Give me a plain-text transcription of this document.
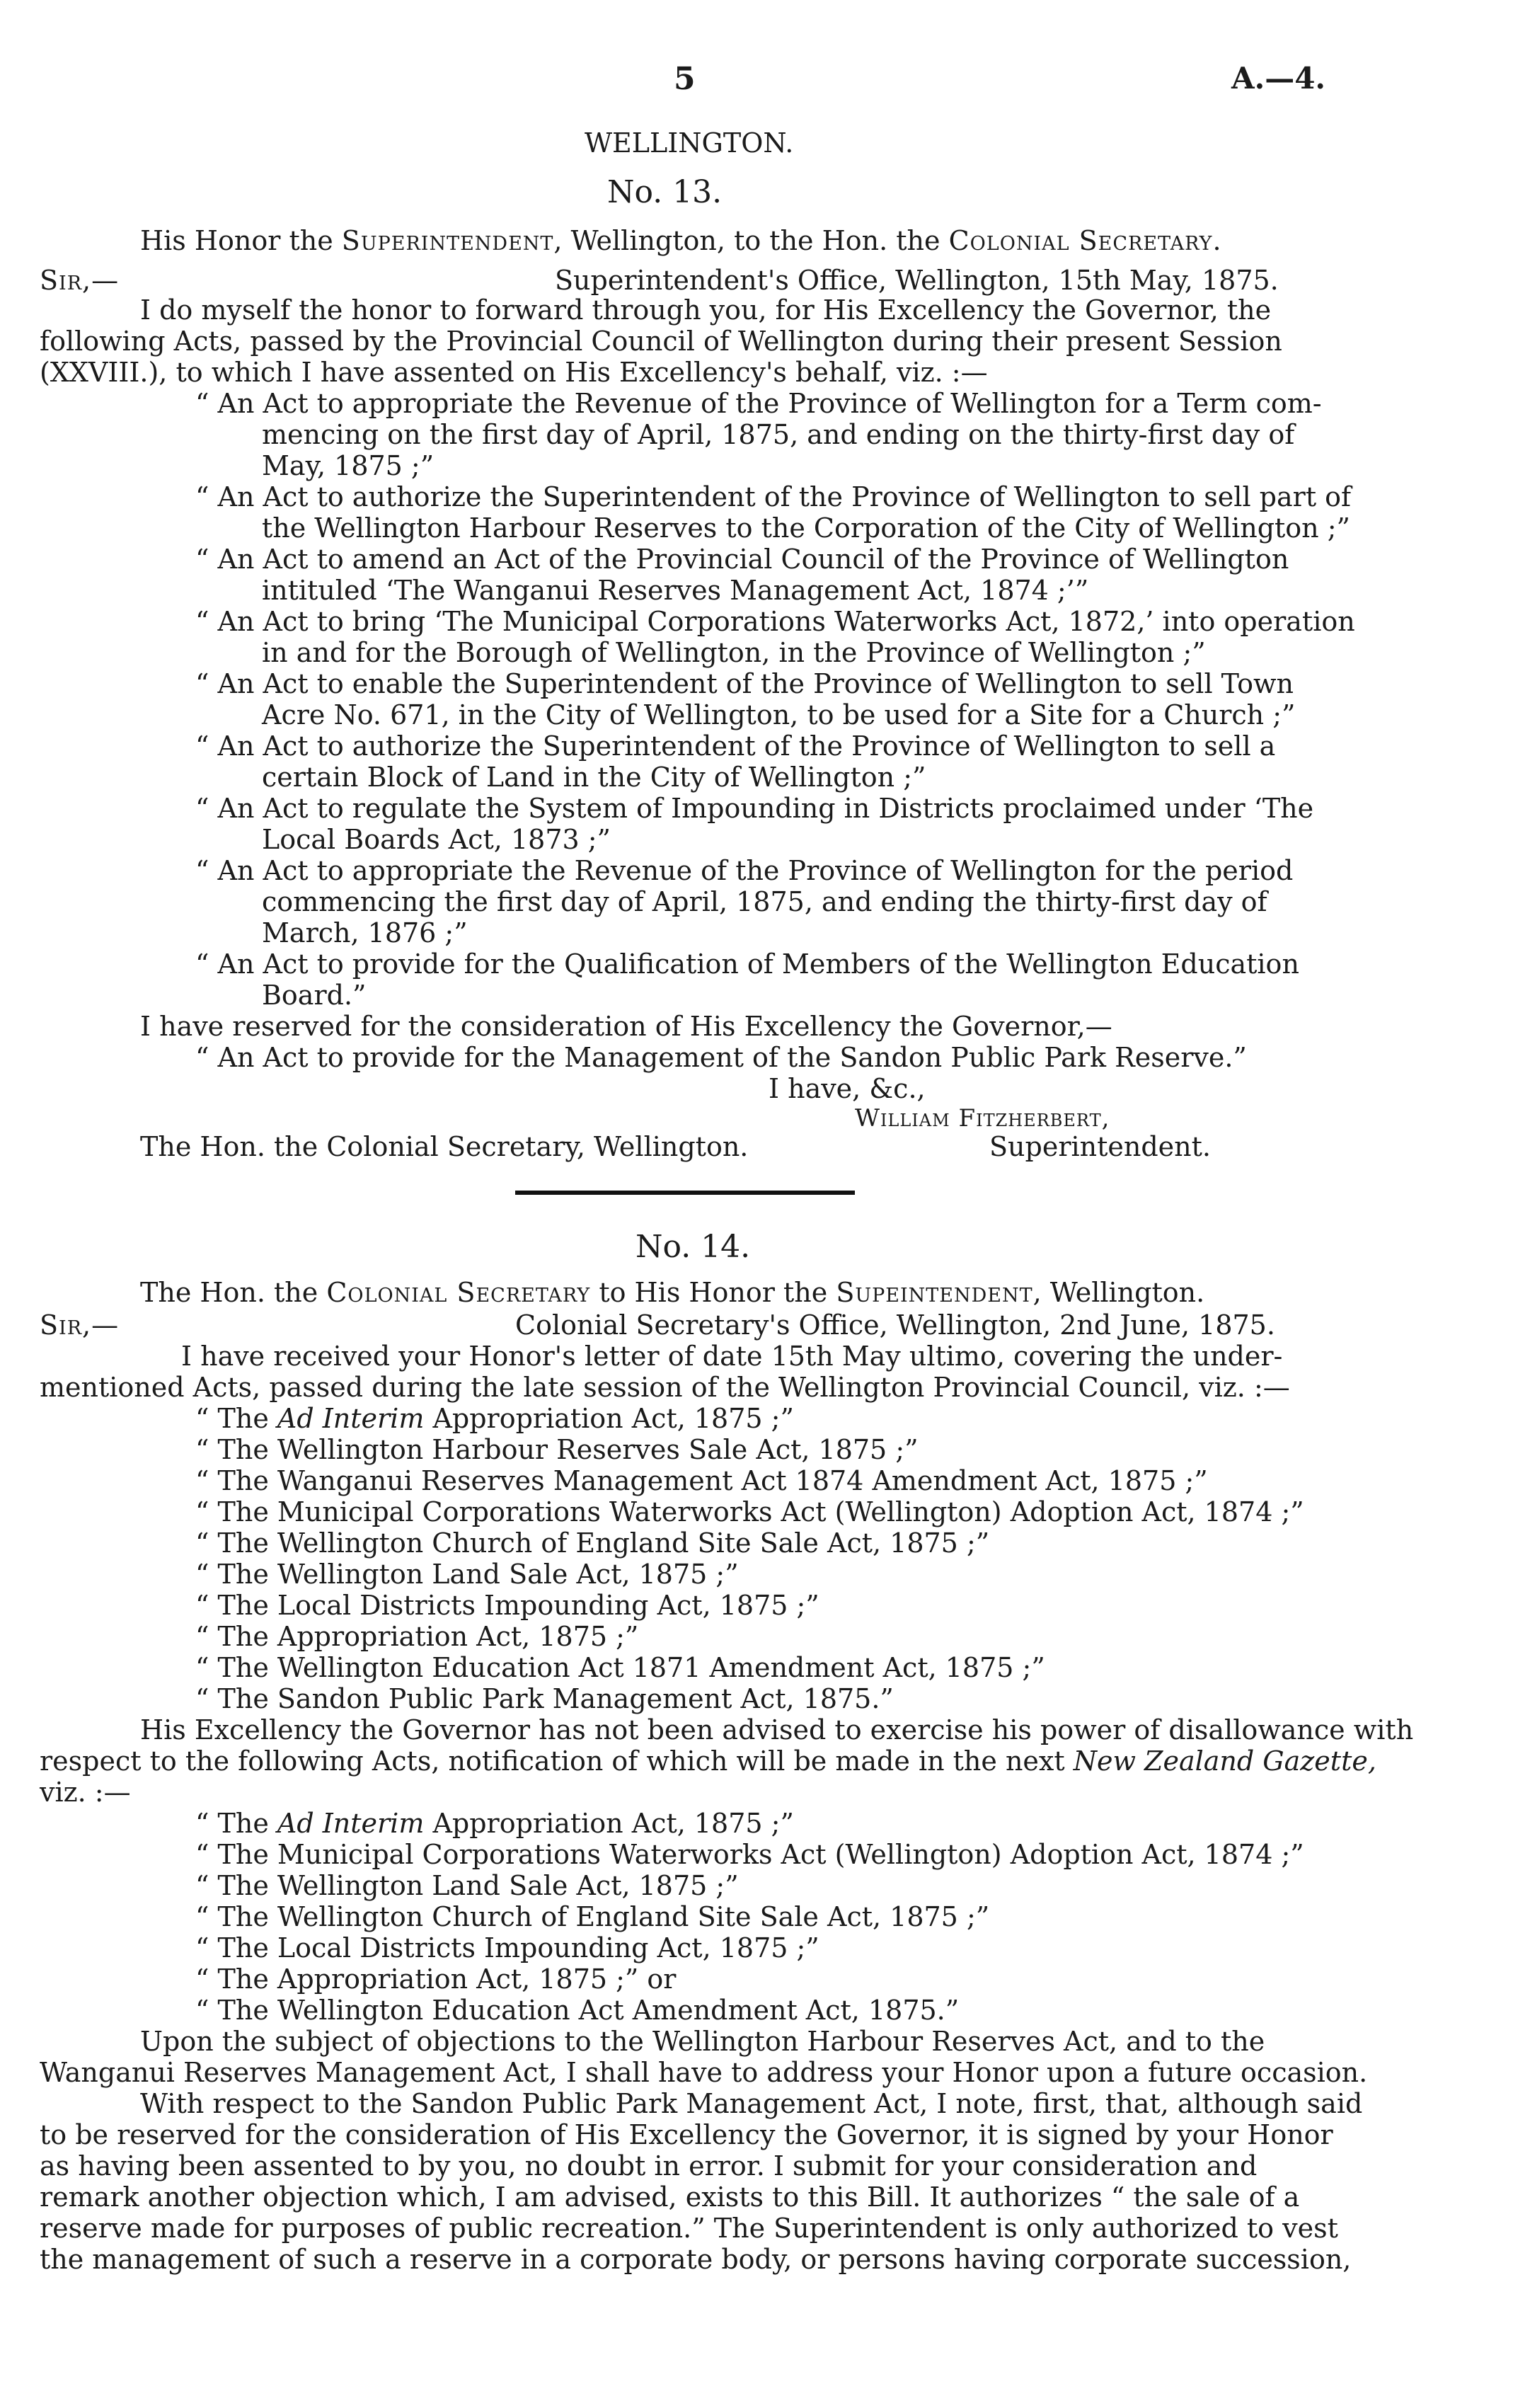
5	A.—4.
WELLINGTON.
No. 13.
His Honor the Superintendent, Wellington, to the Hon. the Colonial Secretary.
Sir,—	Superintendent's Office, Wellington, 15th May, 1875.
I do myself the honor to forward through you, for His Excellency the Governor, the
following Acts, passed by the Provincial Council of Wellington during their present Session
(XXVIII.), to which I have assented on His Excellency's behalf, viz. :—
“ An Act to appropriate the Revenue of the Province of Wellington for a Term com-
mencing on the first day of April, 1875, and ending on the thirty-first day of
May, 1875 ;”
“ An Act to authorize the Superintendent of the Province of Wellington to sell part of
the Wellington Harbour Reserves to the Corporation of the City of Wellington ;”
“ An Act to amend an Act of the Provincial Council of the Province of Wellington
intituled ‘The Wanganui Reserves Management Act, 1874 ;’”
“ An Act to bring ‘The Municipal Corporations Waterworks Act, 1872,’ into operation
in and for the Borough of Wellington, in the Province of Wellington ;”
“ An Act to enable the Superintendent of the Province of Wellington to sell Town
Acre No. 671, in the City of Wellington, to be used for a Site for a Church ;”
“ An Act to authorize the Superintendent of the Province of Wellington to sell a
certain Block of Land in the City of Wellington ;”
“ An Act to regulate the System of Impounding in Districts proclaimed under ‘The
Local Boards Act, 1873 ;”
“ An Act to appropriate the Revenue of the Province of Wellington for the period
commencing the first day of April, 1875, and ending the thirty-first day of
March, 1876 ;”
“ An Act to provide for the Qualification of Members of the Wellington Education
Board.”
I have reserved for the consideration of His Excellency the Governor,—
“ An Act to provide for the Management of the Sandon Public Park Reserve.”
I have, &c.,
William Fitzherbert,
The Hon. the Colonial Secretary, Wellington.	Superintendent.
No. 14.
The Hon. the Colonial Secretary to His Honor the Supeintendent, Wellington.
Sir,—	Colonial Secretary's Office, Wellington, 2nd June, 1875.
I have received your Honor's letter of date 15th May ultimo, covering the under-
mentioned Acts, passed during the late session of the Wellington Provincial Council, viz. :—
“ The Ad Interim Appropriation Act, 1875 ;”
“ The Wellington Harbour Reserves Sale Act, 1875 ;”
“ The Wanganui Reserves Management Act 1874 Amendment Act, 1875 ;”
“ The Municipal Corporations Waterworks Act (Wellington) Adoption Act, 1874 ;”
“ The Wellington Church of England Site Sale Act, 1875 ;”
“ The Wellington Land Sale Act, 1875 ;”
“ The Local Districts Impounding Act, 1875 ;”
“ The Appropriation Act, 1875 ;”
“ The Wellington Education Act 1871 Amendment Act, 1875 ;”
“ The Sandon Public Park Management Act, 1875.”
His Excellency the Governor has not been advised to exercise his power of disallowance with
respect to the following Acts, notification of which will be made in the next New Zealand Gazette,
viz. :—
“ The Ad Interim Appropriation Act, 1875 ;”
“ The Municipal Corporations Waterworks Act (Wellington) Adoption Act, 1874 ;”
“ The Wellington Land Sale Act, 1875 ;”
“ The Wellington Church of England Site Sale Act, 1875 ;”
“ The Local Districts Impounding Act, 1875 ;”
“ The Appropriation Act, 1875 ;” or
“ The Wellington Education Act Amendment Act, 1875.”
Upon the subject of objections to the Wellington Harbour Reserves Act, and to the
Wanganui Reserves Management Act, I shall have to address your Honor upon a future occasion.
With respect to the Sandon Public Park Management Act, I note, first, that, although said
to be reserved for the consideration of His Excellency the Governor, it is signed by your Honor
as having been assented to by you, no doubt in error. I submit for your consideration and
remark another objection which, I am advised, exists to this Bill. It authorizes “ the sale of a
reserve made for purposes of public recreation.” The Superintendent is only authorized to vest
the management of such a reserve in a corporate body, or persons having corporate succession,
